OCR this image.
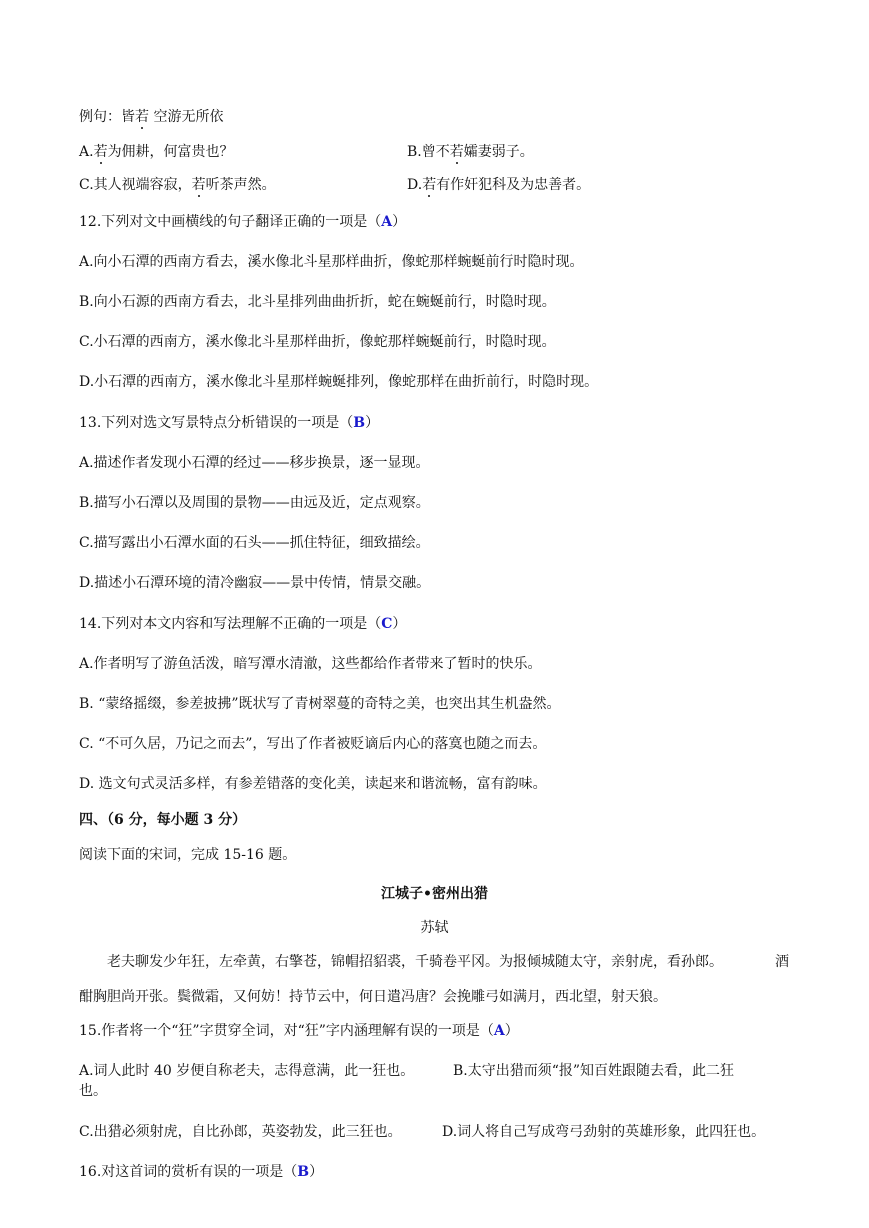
例句：皆若 空游无所依
A.若为佣耕，何富贵也？	B.曾不若孀妻弱子。
C.其人视端容寂，若听茶声然。	D.若有作奸犯科及为忠善者。
12.下列对文中画横线的句子翻译正确的一项是（A）
A.向小石潭的西南方看去，溪水像北斗星那样曲折，像蛇那样蜿蜒前行时隐时现。
B.向小石源的西南方看去，北斗星排列曲曲折折，蛇在蜿蜒前行，时隐时现。
C.小石潭的西南方，溪水像北斗星那样曲折，像蛇那样蜿蜒前行，时隐时现。
D.小石潭的西南方，溪水像北斗星那样蜿蜒排列，像蛇那样在曲折前行，时隐时现。
13.下列对选文写景特点分析错误的一项是（B）
A.描述作者发现小石潭的经过——移步换景，逐一显现。
B.描写小石潭以及周围的景物——由远及近，定点观察。
C.描写露出小石潭水面的石头——抓住特征，细致描绘。
D.描述小石潭环境的清冷幽寂——景中传情，情景交融。
14.下列对本文内容和写法理解不正确的一项是（C）
A.作者明写了游鱼活泼，暗写潭水清澈，这些都给作者带来了暂时的快乐。
B. “蒙络摇缀，参差披拂”既状写了青树翠蔓的奇特之美，也突出其生机盎然。
C. “不可久居，乃记之而去”，写出了作者被贬谪后内心的落寞也随之而去。
D. 选文句式灵活多样，有参差错落的变化美，读起来和谐流畅，富有韵味。
四、（6 分，每小题 3 分）
阅读下面的宋词，完成 15-16 题。
江城子•密州出猎
苏轼
老夫聊发少年狂，左牵黄，右擎苍，锦帽招貂裘，千骑卷平冈。为报倾城随太守，亲射虎，看孙郎。	酒
酣胸胆尚开张。鬓微霜，又何妨！持节云中，何日遣冯唐？会挽雕弓如满月，西北望，射天狼。
15.作者将一个“狂”字贯穿全词，对“狂”字内涵理解有误的一项是（A）
A.词人此时 40 岁便自称老夫，志得意满，此一狂也。	B.太守出猎而须“报”知百姓跟随去看，此二狂
也。
C.出猎必须射虎，自比孙郎，英姿勃发，此三狂也。	D.词人将自己写成弯弓劲射的英雄形象，此四狂也。
16.对这首词的赏析有误的一项是（B）
